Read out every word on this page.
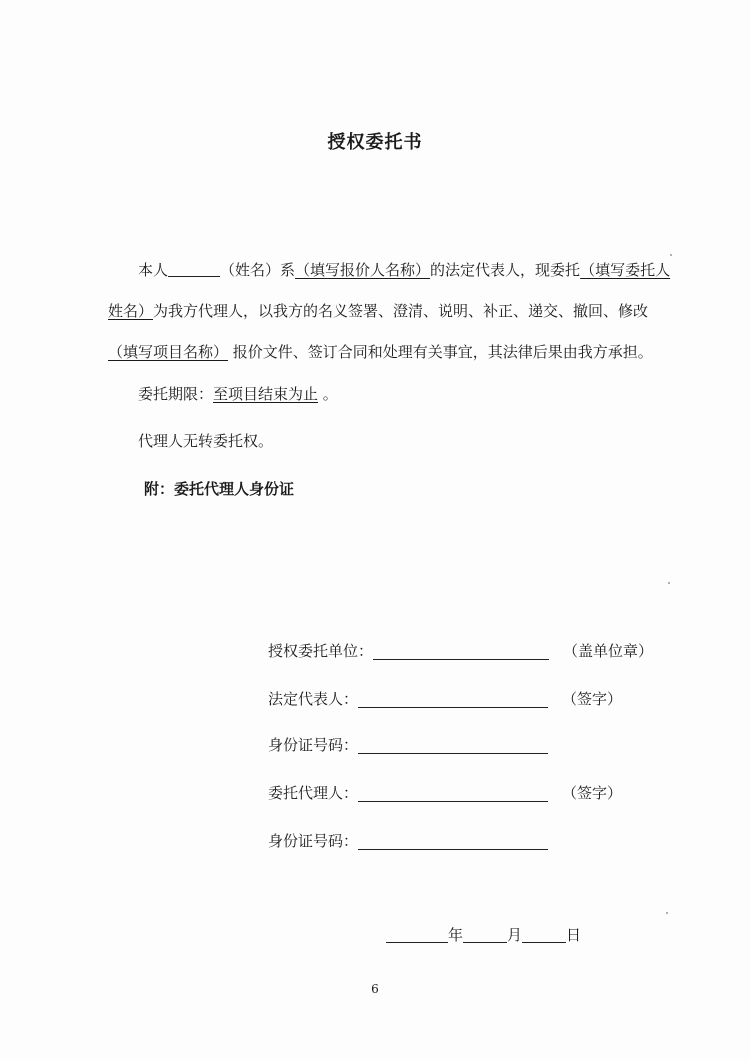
授权委托书
本人	（姓名）系（填写报价人名称）的法定代表人，现委托（填写委托人姓名）为我方代理人，以我方的名义签署、澄清、说明、补正、递交、撤回、修改（填写项目名称） 报价文件、签订合同和处理有关事宜，其法律后果由我方承担。
委托期限：至项目结束为止 。
代理人无转委托权。
附：委托代理人身份证
授权委托单位：	（盖单位章）
法定代表人：	（签字）
身份证号码：
委托代理人：	（签字）
身份证号码：
年	月	日
6
